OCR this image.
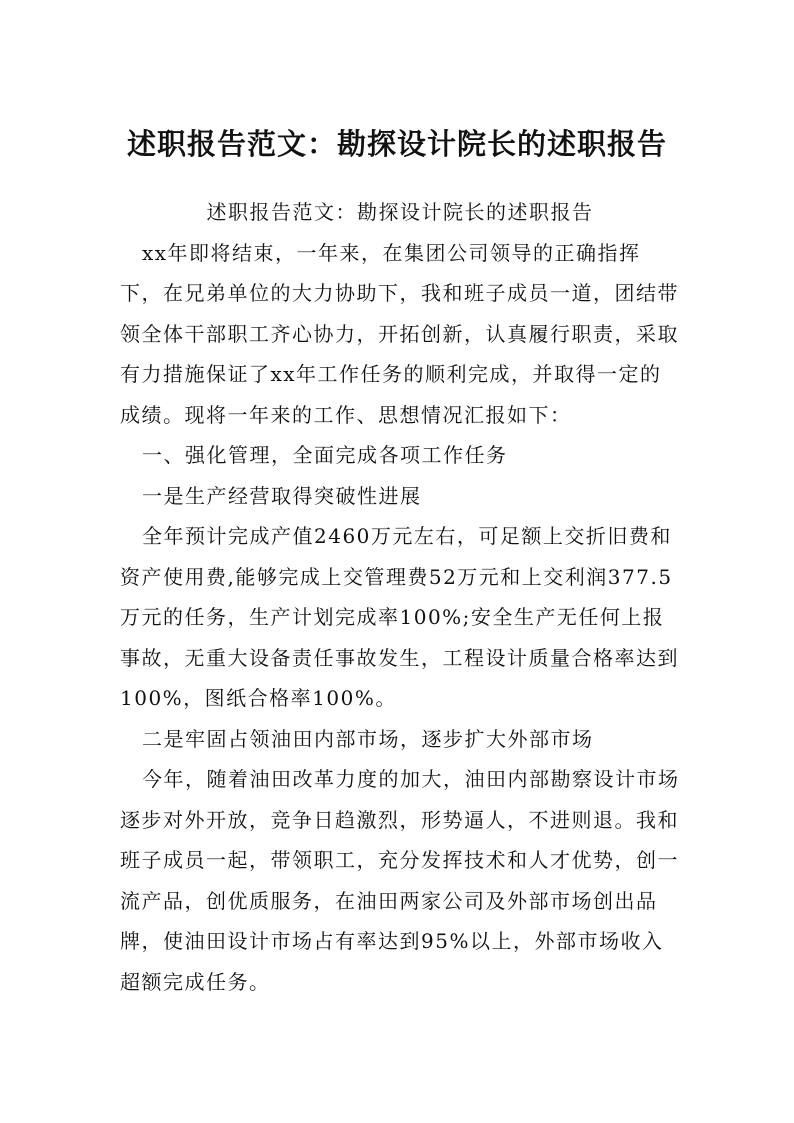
述职报告范文：勘探设计院长的述职报告

述职报告范文：勘探设计院长的述职报告

xx年即将结束，一年来，在集团公司领导的正确指挥下，在兄弟单位的大力协助下，我和班子成员一道，团结带领全体干部职工齐心协力，开拓创新，认真履行职责，采取有力措施保证了xx年工作任务的顺利完成，并取得一定的成绩。现将一年来的工作、思想情况汇报如下：

一、强化管理，全面完成各项工作任务

一是生产经营取得突破性进展

全年预计完成产值2460万元左右，可足额上交折旧费和资产使用费,能够完成上交管理费52万元和上交利润377.5万元的任务，生产计划完成率100%;安全生产无任何上报事故，无重大设备责任事故发生，工程设计质量合格率达到100%，图纸合格率100%。

二是牢固占领油田内部市场，逐步扩大外部市场

今年，随着油田改革力度的加大，油田内部勘察设计市场逐步对外开放，竞争日趋激烈，形势逼人，不进则退。我和班子成员一起，带领职工，充分发挥技术和人才优势，创一流产品，创优质服务，在油田两家公司及外部市场创出品牌，使油田设计市场占有率达到95%以上，外部市场收入超额完成任务。
